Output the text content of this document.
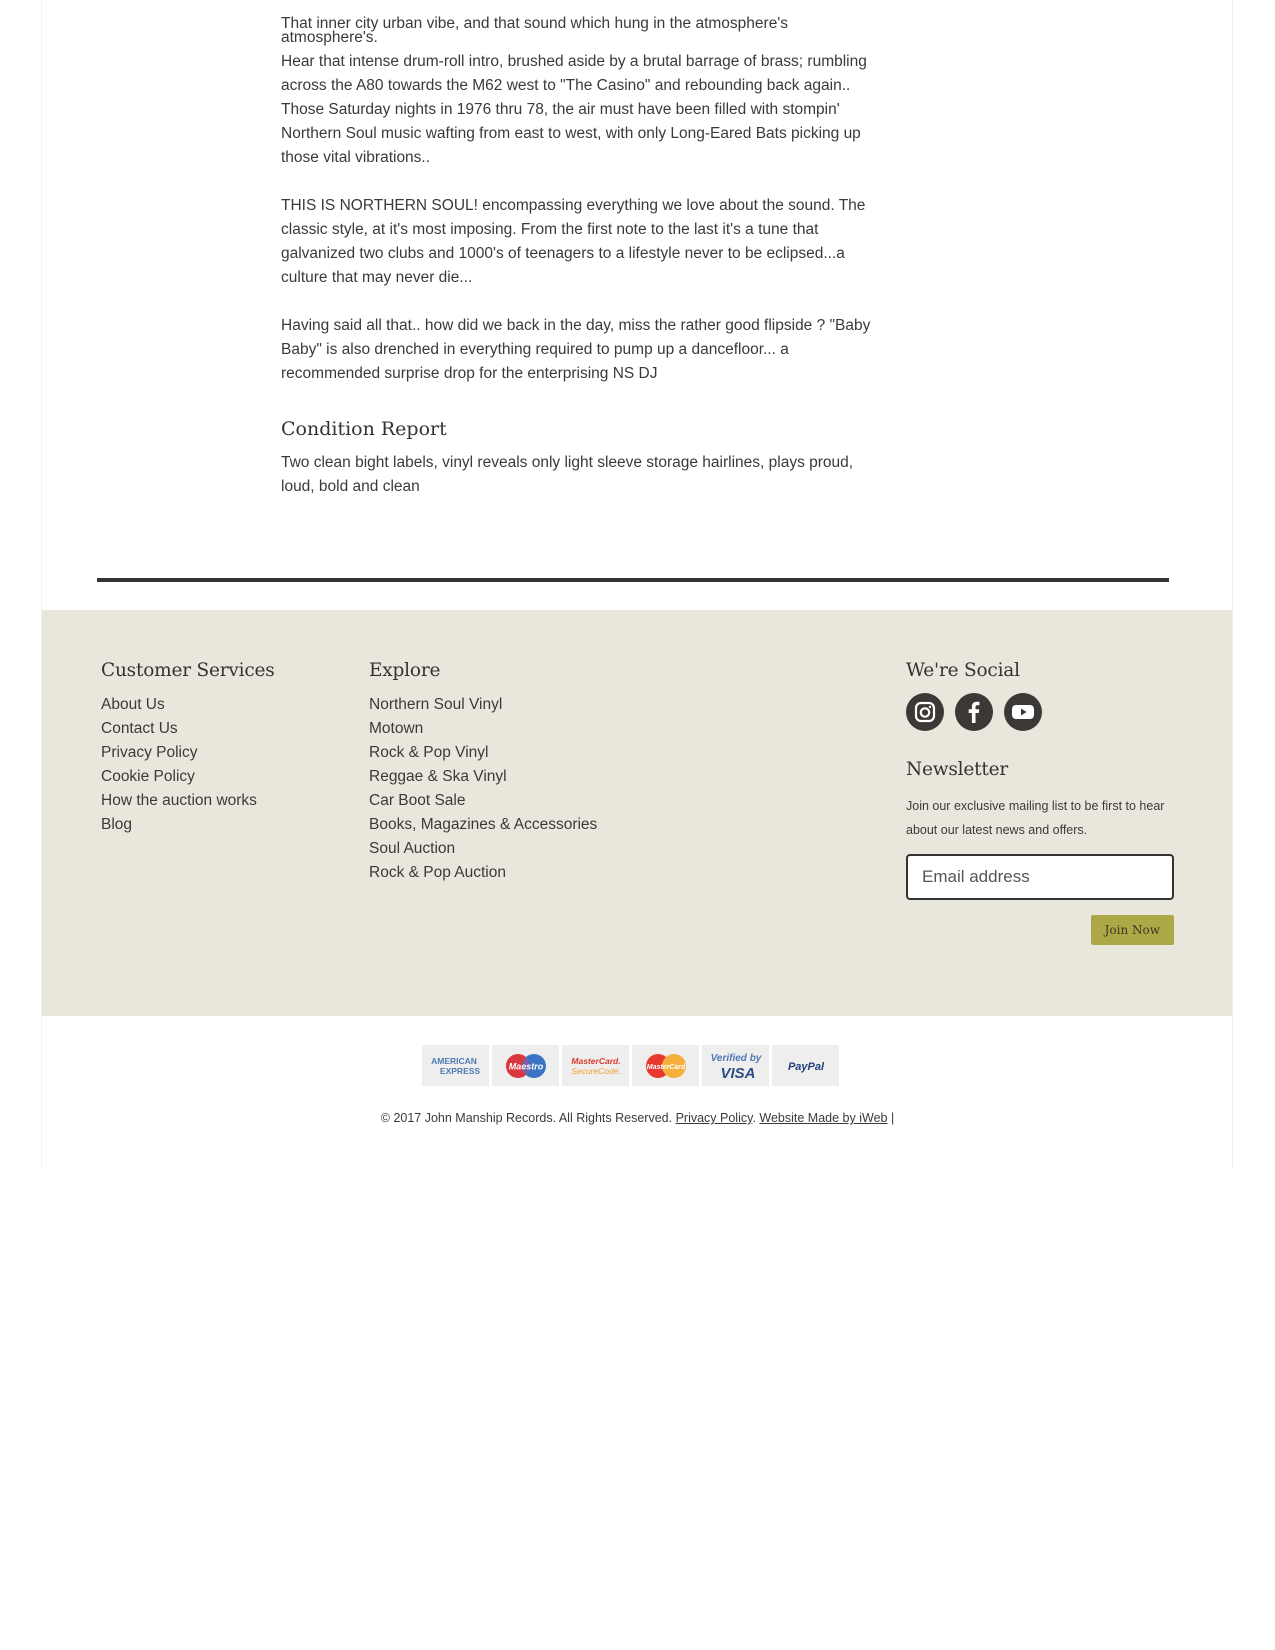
That inner city urban vibe, and that sound which hung in the atmosphere's

atmosphere's.

Hear that intense drum-roll intro, brushed aside by a brutal barrage of brass; rumbling across the A80 towards the M62 west to "The Casino" and rebounding back again.. Those Saturday nights in 1976 thru 78, the air must have been filled with stompin' Northern Soul music wafting from east to west, with only Long-Eared Bats picking up those vital vibrations..

THIS IS NORTHERN SOUL! encompassing everything we love about the sound. The classic style, at it's most imposing. From the first note to the last it's a tune that galvanized two clubs and 1000's of teenagers to a lifestyle never to be eclipsed...a culture that may never die...

Having said all that.. how did we back in the day, miss the rather good flipside ? "Baby Baby" is also drenched in everything required to pump up a dancefloor... a recommended surprise drop for the enterprising NS DJ

Condition Report

Two clean bight labels, vinyl reveals only light sleeve storage hairlines, plays proud, loud, bold and clean

Customer Services
About Us
Contact Us
Privacy Policy
Cookie Policy
How the auction works
Blog
Explore
Northern Soul Vinyl
Motown
Rock & Pop Vinyl
Reggae & Ska Vinyl
Car Boot Sale
Books, Magazines & Accessories
Soul Auction
Rock & Pop Auction
We're Social
Newsletter
Join our exclusive mailing list to be first to hear about our latest news and offers.
Email address
Join Now
AMERICAN
EXPRESS	Maestro
MasterCard.
SecureCode.	MasterCard
Verified by
VISA	PayPal
© 2017 John Manship Records. All Rights Reserved. Privacy Policy. Website Made by iWeb |
